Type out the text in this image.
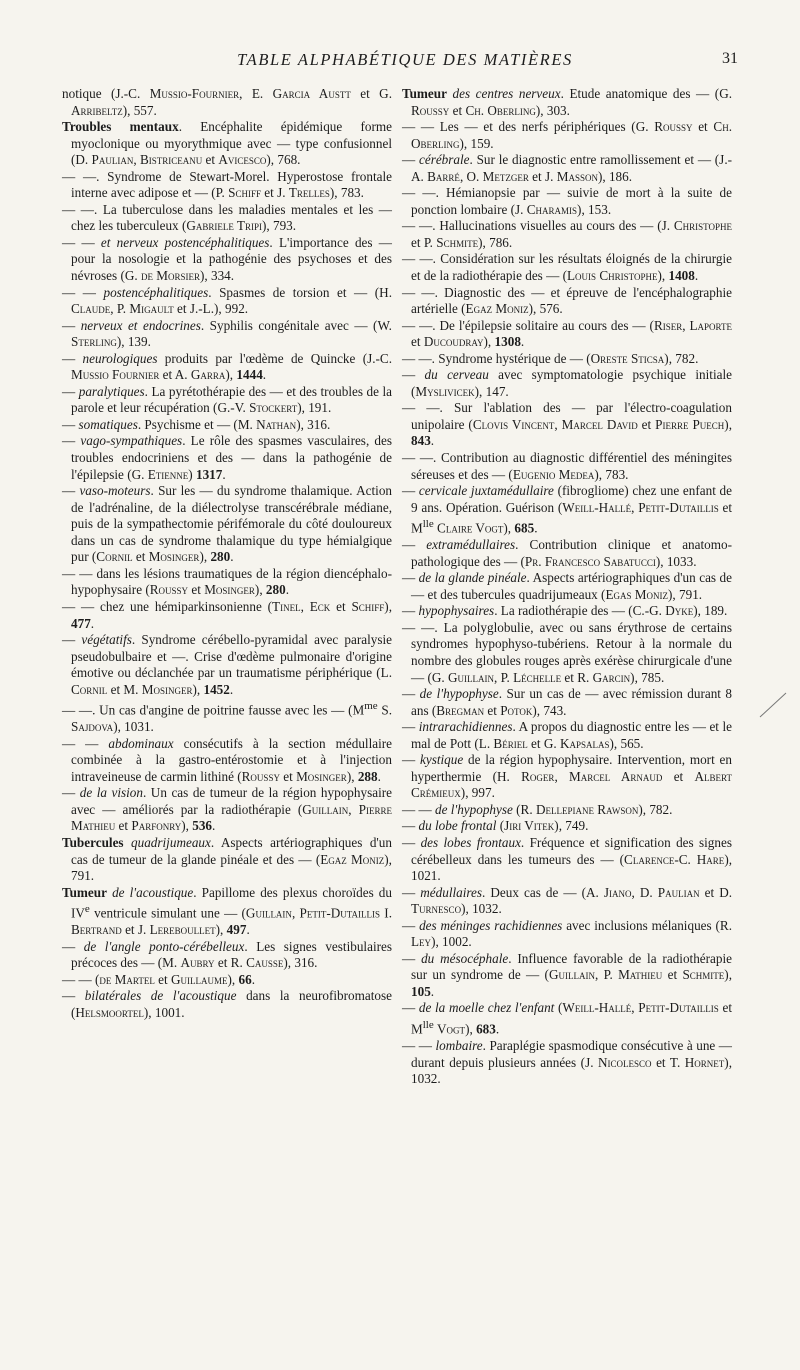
TABLE ALPHABÉTIQUE DES MATIÈRES	31

notique (J.-C. Mussio-Fournier, E. Garcia Austt et G. Arribeltz), 557.

Troubles mentaux. Encéphalite épidémique forme myoclonique ou myorythmique avec — type confusionnel (D. Paulian, Bistriceanu et Avicesco), 768.

— —. Syndrome de Stewart-Morel. Hyperostose frontale interne avec adipose et — (P. Schiff et J. Trelles), 783.

— —. La tuberculose dans les maladies mentales et les — chez les tuberculeux (Gabriele Tripi), 793.

— — et nerveux postencéphalitiques. L'importance des — pour la nosologie et la pathogénie des psychoses et des névroses (G. de Morsier), 334.

— — postencéphalitiques. Spasmes de torsion et — (H. Claude, P. Migault et J.-L.), 992.

— nerveux et endocrines. Syphilis congénitale avec — (W. Sterling), 139.

— neurologiques produits par l'œdème de Quincke (J.-C. Mussio Fournier et A. Garra), 1444.

— paralytiques. La pyrétothérapie des — et des troubles de la parole et leur récupération (G.-V. Stockert), 191.

— somatiques. Psychisme et — (M. Nathan), 316.

— vago-sympathiques. Le rôle des spasmes vasculaires, des troubles endocriniens et des — dans la pathogénie de l'épilepsie (G. Etienne) 1317.

— vaso-moteurs. Sur les — du syndrome thalamique. Action de l'adrénaline, de la diélectrolyse transcérébrale médiane, puis de la sympathectomie périfémorale du côté douloureux dans un cas de syndrome thalamique du type hémialgique pur (Cornil et Mosinger), 280.

— — dans les lésions traumatiques de la région diencéphalo-hypophysaire (Roussy et Mosinger), 280.

— — chez une hémiparkinsonienne (Tinel, Eck et Schiff), 477.

— végétatifs. Syndrome cérébello-pyramidal avec paralysie pseudobulbaire et —. Crise d'œdème pulmonaire d'origine émotive ou déclanchée par un traumatisme périphérique (L. Cornil et M. Mosinger), 1452.

— —. Un cas d'angine de poitrine fausse avec les — ($M^{me}$ S. Sajdova), 1031.

— — abdominaux consécutifs à la section médullaire combinée à la gastro-entérostomie et à l'injection intraveineuse de carmin lithiné (Roussy et Mosinger), 288.

— de la vision. Un cas de tumeur de la région hypophysaire avec — améliorés par la radiothérapie (Guillain, Pierre Mathieu et Parfonry), 536.

Tubercules quadrijumeaux. Aspects artériographiques d'un cas de tumeur de la glande pinéale et des — (Egaz Moniz), 791.

Tumeur de l'acoustique. Papillome des plexus choroïdes du IVe ventricule simulant une — (Guillain, Petit-Dutaillis I. Bertrand et J. Lereboullet), 497.

— de l'angle ponto-cérébelleux. Les signes vestibulaires précoces des — (M. Aubry et R. Causse), 316.

— — (de Martel et Guillaume), 66.

— bilatérales de l'acoustique dans la neurofibromatose (Helsmoortel), 1001.

Tumeur des centres nerveux. Etude anatomique des — (G. Roussy et Ch. Oberling), 303.

— — Les — et des nerfs périphériques (G. Roussy et Ch. Oberling), 159.

— cérébrale. Sur le diagnostic entre ramollissement et — (J.-A. Barré, O. Metzger et J. Masson), 186.

— —. Hémianopsie par — suivie de mort à la suite de ponction lombaire (J. Charamis), 153.

— —. Hallucinations visuelles au cours des — (J. Christophe et P. Schmite), 786.

— —. Considération sur les résultats éloignés de la chirurgie et de la radiothérapie des — (Louis Christophe), 1408.

— —. Diagnostic des — et épreuve de l'encéphalographie artérielle (Egaz Moniz), 576.

— —. De l'épilepsie solitaire au cours des — (Riser, Laporte et Ducoudray), 1308.

— —. Syndrome hystérique de — (Oreste Sticsa), 782.

— du cerveau avec symptomatologie psychique initiale (Myslivicek), 147.

— —. Sur l'ablation des — par l'électro-coagulation unipolaire (Clovis Vincent, Marcel David et Pierre Puech), 843.

— —. Contribution au diagnostic différentiel des méningites séreuses et des — (Eugenio Medea), 783.

— cervicale juxtamédullaire (fibrogliome) chez une enfant de 9 ans. Opération. Guérison (Weill-Hallé, Petit-Dutaillis et $M^{lle}$ Claire Vogt), 685.

— extramédullaires. Contribution clinique et anatomo-pathologique des — (Pr. Francesco Sabatucci), 1033.

— de la glande pinéale. Aspects artériographiques d'un cas de — et des tubercules quadrijumeaux (Egas Moniz), 791.

— hypophysaires. La radiothérapie des — (C.-G. Dyke), 189.

— —. La polyglobulie, avec ou sans érythrose de certains syndromes hypophyso-tubériens. Retour à la normale du nombre des globules rouges après exérèse chirurgicale d'une — (G. Guillain, P. Léchelle et R. Garcin), 785.

— de l'hypophyse. Sur un cas de — avec rémission durant 8 ans (Bregman et Potok), 743.

— intrarachidiennes. A propos du diagnostic entre les — et le mal de Pott (L. Bériel et G. Kapsalas), 565.

— kystique de la région hypophysaire. Intervention, mort en hyperthermie (H. Roger, Marcel Arnaud et Albert Crémieux), 997.

— — de l'hypophyse (R. Dellepiane Rawson), 782.

— du lobe frontal (Jiri Vitek), 749.

— des lobes frontaux. Fréquence et signification des signes cérébelleux dans les tumeurs des — (Clarence-C. Hare), 1021.

— médullaires. Deux cas de — (A. Jiano, D. Paulian et D. Turnesco), 1032.

— des méninges rachidiennes avec inclusions mélaniques (R. Ley), 1002.

— du mésocéphale. Influence favorable de la radiothérapie sur un syndrome de — (Guillain, P. Mathieu et Schmite), 105.

— de la moelle chez l'enfant (Weill-Hallé, Petit-Dutaillis et $M^{lle}$ Vogt), 683.

— — lombaire. Paraplégie spasmodique consécutive à une — durant depuis plusieurs années (J. Nicolesco et T. Hornet), 1032.
